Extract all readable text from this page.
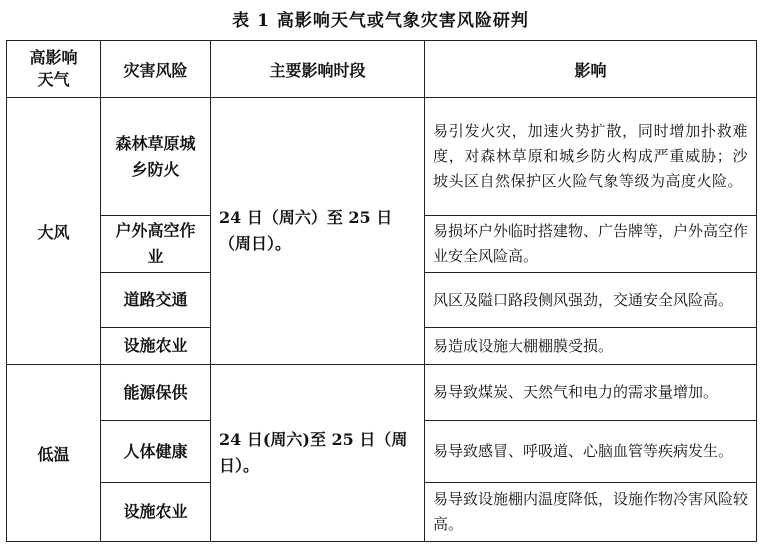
表 1 高影响天气或气象灾害风险研判
高影响天气	灾害风险	主要影响时段	影响
大风	森林草原城乡防火	24 日（周六）至 25 日（周日）。	易引发火灾，加速火势扩散，同时增加扑救难度，对森林草原和城乡防火构成严重威胁；沙坡头区自然保护区火险气象等级为高度火险。

	户外高空作业		易损坏户外临时搭建物、广告牌等，户外高空作业安全风险高。
	道路交通		风区及隘口路段侧风强劲，交通安全风险高。
	设施农业		易造成设施大棚棚膜受损。
低温	能源保供	24 日(周六)至 25 日（周日）。	易导致煤炭、天然气和电力的需求量增加。
	人体健康		易导致感冒、呼吸道、心脑血管等疾病发生。
	设施农业		易导致设施棚内温度降低，设施作物冷害风险较高。
